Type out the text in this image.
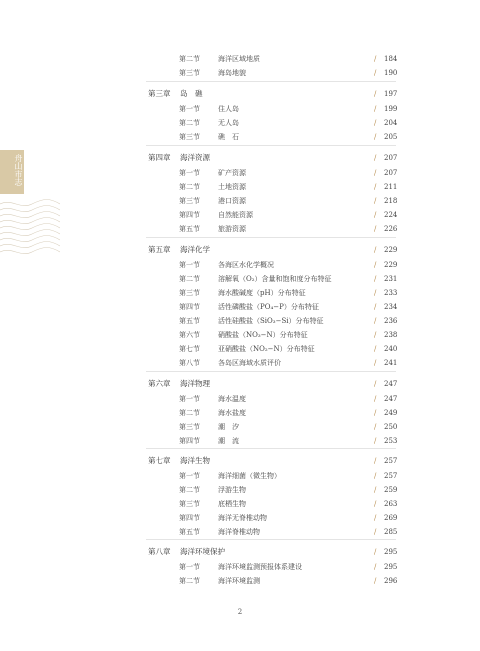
舟山市志
第二节	海洋区域地质	/ 184
第三节	海岛地貌	/ 190
第三章 岛　礁	/ 197
第一节	住人岛	/ 199
第二节	无人岛	/ 204
第三节	礁　石	/ 205
第四章 海洋资源	/ 207
第一节	矿产资源	/ 207
第二节	土地资源	/ 211
第三节	港口资源	/ 218
第四节	自然能资源	/ 224
第五节	旅游资源	/ 226
第五章 海洋化学	/ 229
第一节	各海区水化学概况	/ 229
第二节	溶解氧（O₂）含量和饱和度分布特征	/ 231
第三节	海水酸碱度（pH）分布特征	/ 233
第四节	活性磷酸盐（PO₄−P）分布特征	/ 234
第五节	活性硅酸盐（SiO₃−Si）分布特征	/ 236
第六节	硝酸盐（NO₃−N）分布特征	/ 238
第七节	亚硝酸盐（NO₂−N）分布特征	/ 240
第八节	各岛区海域水质评价	/ 241
第六章 海洋物理	/ 247
第一节	海水温度	/ 247
第二节	海水盐度	/ 249
第三节	潮　汐	/ 250
第四节	潮　流	/ 253
第七章 海洋生物	/ 257
第一节	海洋细菌（微生物）	/ 257
第二节	浮游生物	/ 259
第三节	底栖生物	/ 263
第四节	海洋无脊椎动物	/ 269
第五节	海洋脊椎动物	/ 285
第八章 海洋环境保护	/ 295
第一节	海洋环境监测预报体系建设	/ 295
第二节	海洋环境监测	/ 296
2
